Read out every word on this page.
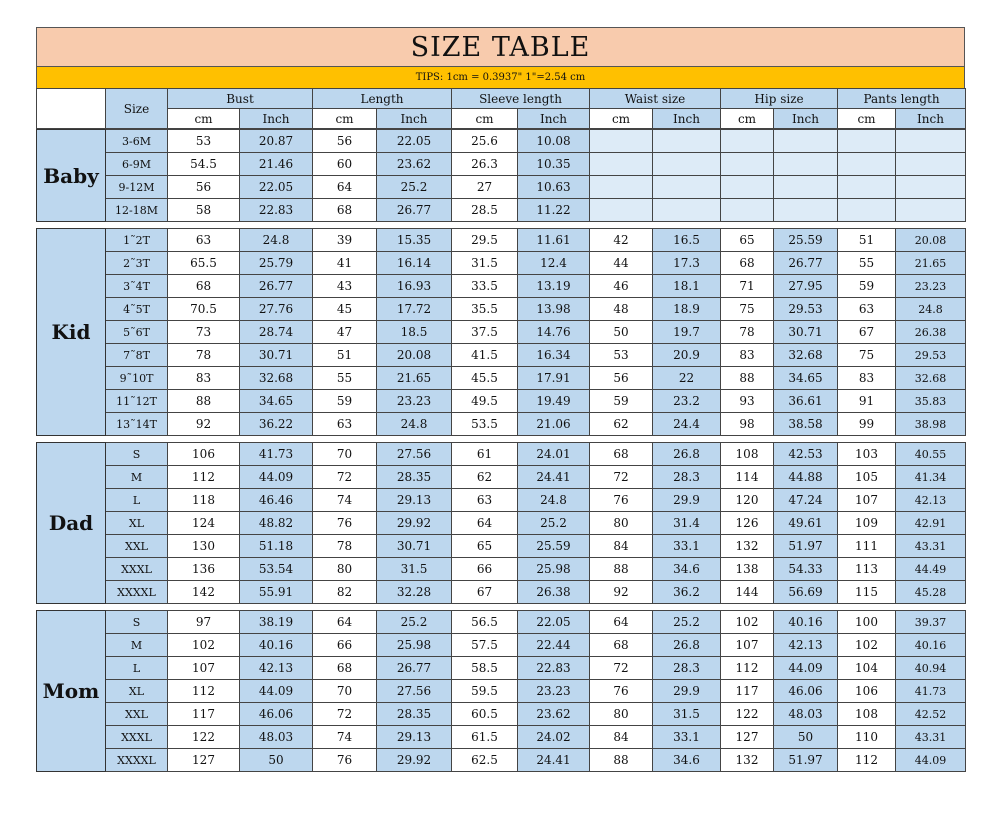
SIZE TABLE
TIPS: 1cm = 0.3937" 1"=2.54 cm
	Size	Bust		Length		Sleeve length		Waist size		Hip size		Pants length	
		cm	Inch	cm	Inch	cm	Inch	cm	Inch	cm	Inch	cm	Inch
Baby	3-6M	53	20.87	56	22.05	25.6	10.08						
	6-9M	54.5	21.46	60	23.62	26.3	10.35						
	9-12M	56	22.05	64	25.2	27	10.63						
	12-18M	58	22.83	68	26.77	28.5	11.22						
Kid	1˜2T	63	24.8	39	15.35	29.5	11.61	42	16.5	65	25.59	51	20.08
	2˜3T	65.5	25.79	41	16.14	31.5	12.4	44	17.3	68	26.77	55	21.65
	3˜4T	68	26.77	43	16.93	33.5	13.19	46	18.1	71	27.95	59	23.23
	4˜5T	70.5	27.76	45	17.72	35.5	13.98	48	18.9	75	29.53	63	24.8
	5˜6T	73	28.74	47	18.5	37.5	14.76	50	19.7	78	30.71	67	26.38
	7˜8T	78	30.71	51	20.08	41.5	16.34	53	20.9	83	32.68	75	29.53
	9˜10T	83	32.68	55	21.65	45.5	17.91	56	22	88	34.65	83	32.68
	11˜12T	88	34.65	59	23.23	49.5	19.49	59	23.2	93	36.61	91	35.83
	13˜14T	92	36.22	63	24.8	53.5	21.06	62	24.4	98	38.58	99	38.98
Dad	S	106	41.73	70	27.56	61	24.01	68	26.8	108	42.53	103	40.55
	M	112	44.09	72	28.35	62	24.41	72	28.3	114	44.88	105	41.34
	L	118	46.46	74	29.13	63	24.8	76	29.9	120	47.24	107	42.13
	XL	124	48.82	76	29.92	64	25.2	80	31.4	126	49.61	109	42.91
	XXL	130	51.18	78	30.71	65	25.59	84	33.1	132	51.97	111	43.31
	XXXL	136	53.54	80	31.5	66	25.98	88	34.6	138	54.33	113	44.49
	XXXXL	142	55.91	82	32.28	67	26.38	92	36.2	144	56.69	115	45.28
Mom	S	97	38.19	64	25.2	56.5	22.05	64	25.2	102	40.16	100	39.37
	M	102	40.16	66	25.98	57.5	22.44	68	26.8	107	42.13	102	40.16
	L	107	42.13	68	26.77	58.5	22.83	72	28.3	112	44.09	104	40.94
	XL	112	44.09	70	27.56	59.5	23.23	76	29.9	117	46.06	106	41.73
	XXL	117	46.06	72	28.35	60.5	23.62	80	31.5	122	48.03	108	42.52
	XXXL	122	48.03	74	29.13	61.5	24.02	84	33.1	127	50	110	43.31
	XXXXL	127	50	76	29.92	62.5	24.41	88	34.6	132	51.97	112	44.09
